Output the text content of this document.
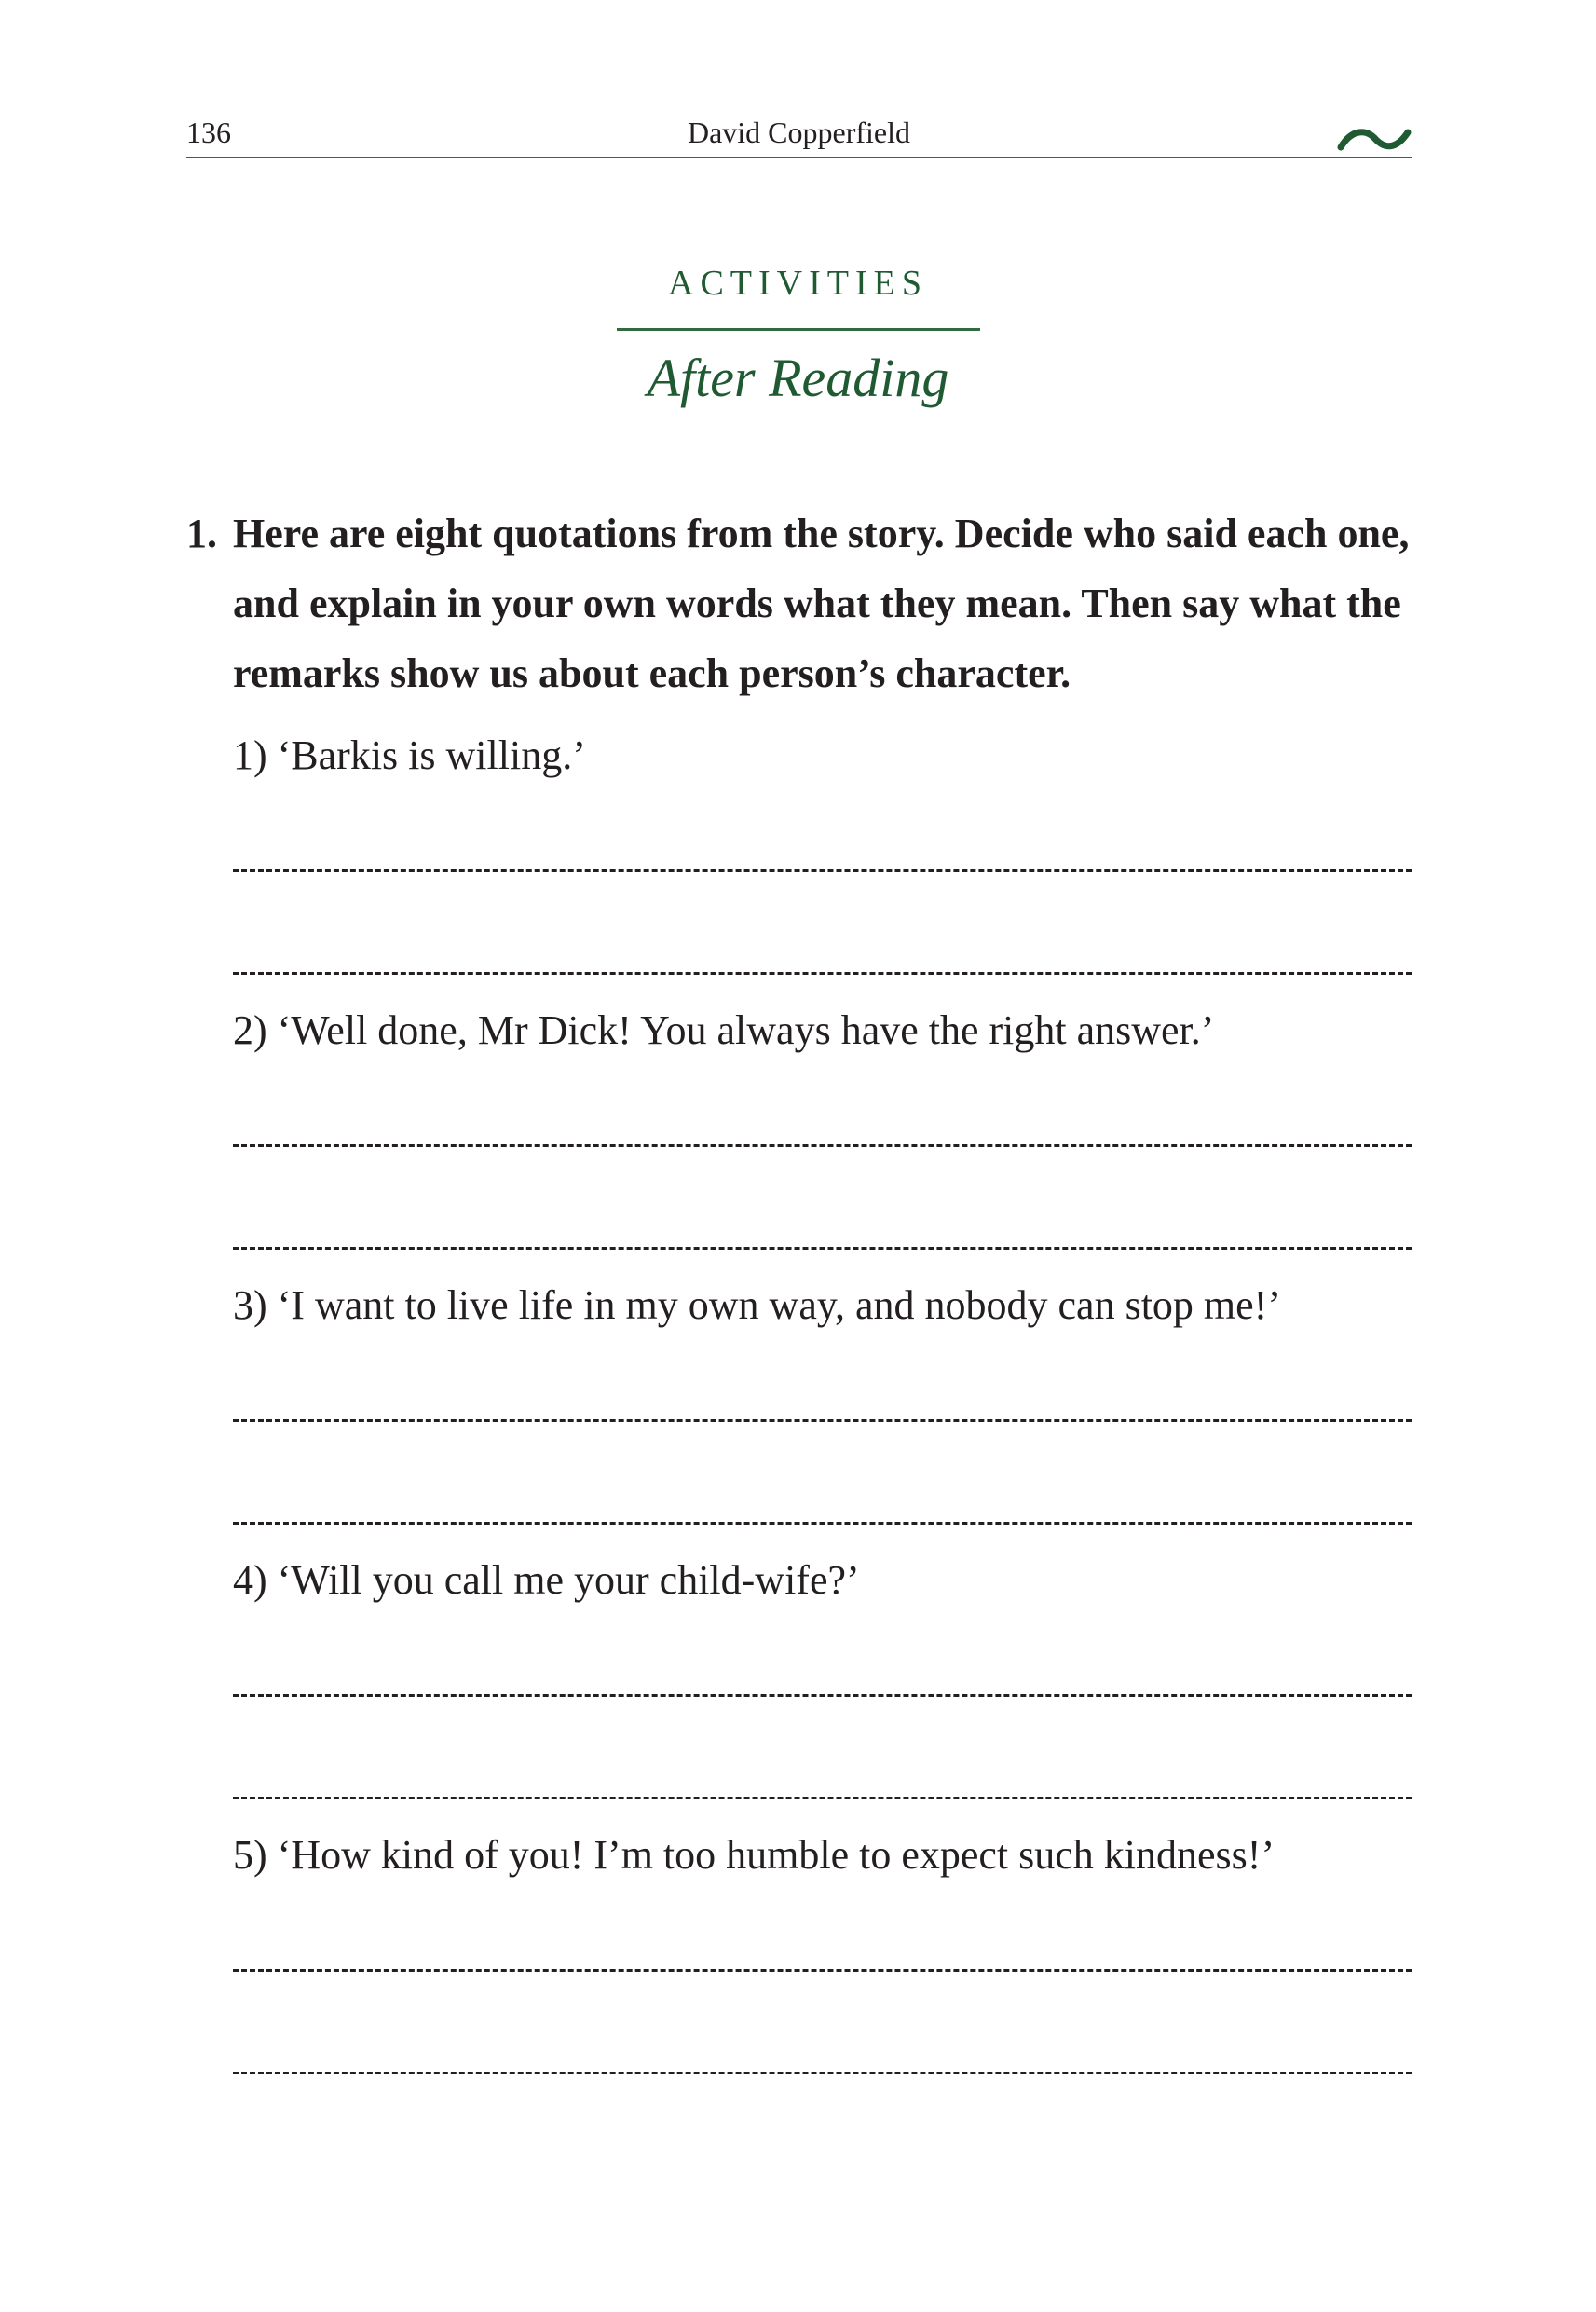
136	David Copperfield
ACTIVITIES
After Reading
1. Here are eight quotations from the story. Decide who said each one, and explain in your own words what they mean. Then say what the remarks show us about each person’s character.
1) ‘Barkis is willing.’
2) ‘Well done, Mr Dick! You always have the right answer.’
3) ‘I want to live life in my own way, and nobody can stop me!’
4) ‘Will you call me your child-wife?’
5) ‘How kind of you! I’m too humble to expect such kindness!’
